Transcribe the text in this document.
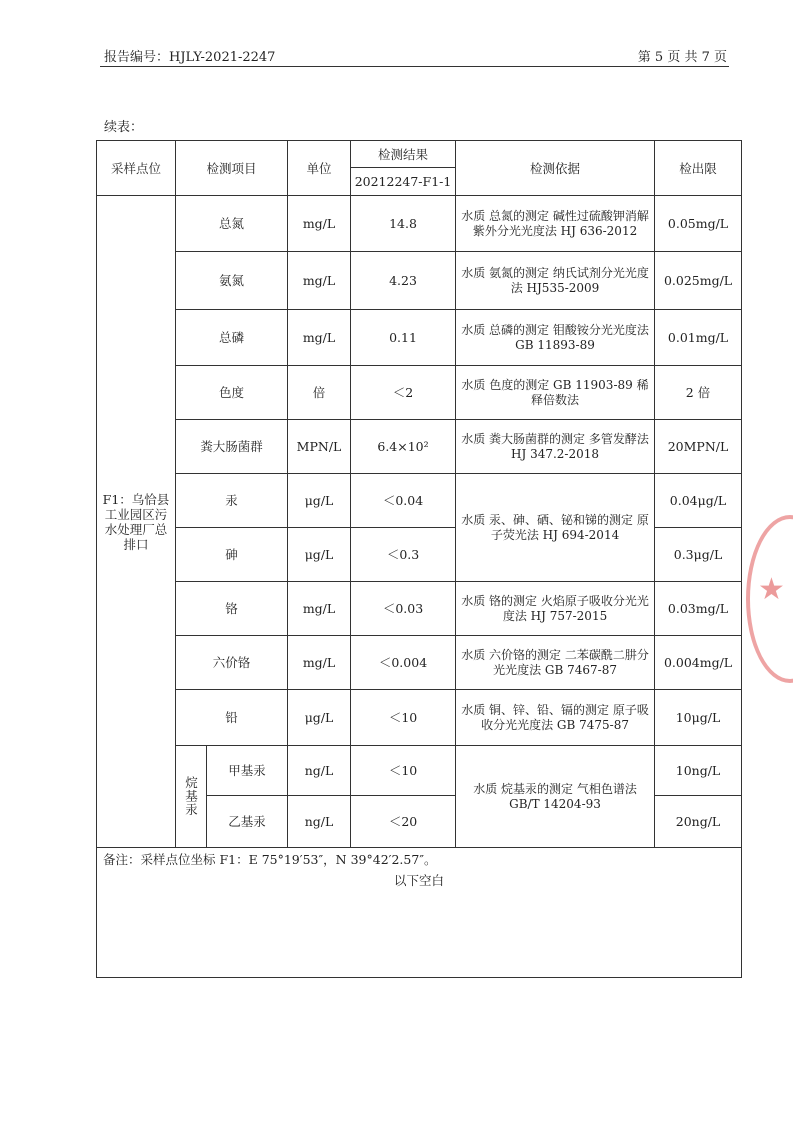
报告编号：HJLY-2021-2247	第 5 页 共 7 页
续表：
采样点位	检测项目		单位	检测结果	检测依据	检出限
				20212247-F1-1		
F1：乌恰县工业园区污水处理厂总排口	总氮		mg/L	14.8	水质 总氮的测定 碱性过硫酸钾消解 紫外分光光度法 HJ 636-2012	0.05mg/L
	氨氮		mg/L	4.23	水质 氨氮的测定 纳氏试剂分光光度法 HJ535-2009	0.025mg/L
	总磷		mg/L	0.11	水质 总磷的测定 钼酸铵分光光度法 GB 11893-89	0.01mg/L
	色度		倍	＜2	水质 色度的测定 GB 11903-89 稀释倍数法	2 倍
	粪大肠菌群		MPN/L	6.4×10²	水质 粪大肠菌群的测定 多管发酵法 HJ 347.2-2018	20MPN/L
	汞		μg/L	＜0.04	水质 汞、砷、硒、铋和锑的测定 原子荧光法 HJ 694-2014	0.04μg/L
	砷		μg/L	＜0.3		0.3μg/L
	铬		mg/L	＜0.03	水质 铬的测定 火焰原子吸收分光光度法 HJ 757-2015	0.03mg/L
	六价铬		mg/L	＜0.004	水质 六价铬的测定 二苯碳酰二肼分光光度法 GB 7467-87	0.004mg/L
	铅		μg/L	＜10	水质 铜、锌、铅、镉的测定 原子吸收分光光度法 GB 7475-87	10μg/L
	烷基汞	甲基汞	ng/L	＜10	水质 烷基汞的测定 气相色谱法 GB/T 14204-93	10ng/L
		乙基汞	ng/L	＜20		20ng/L

备注：采样点位坐标 F1：E 75°19′53″，N 39°42′2.57″。
以下空白						
★
